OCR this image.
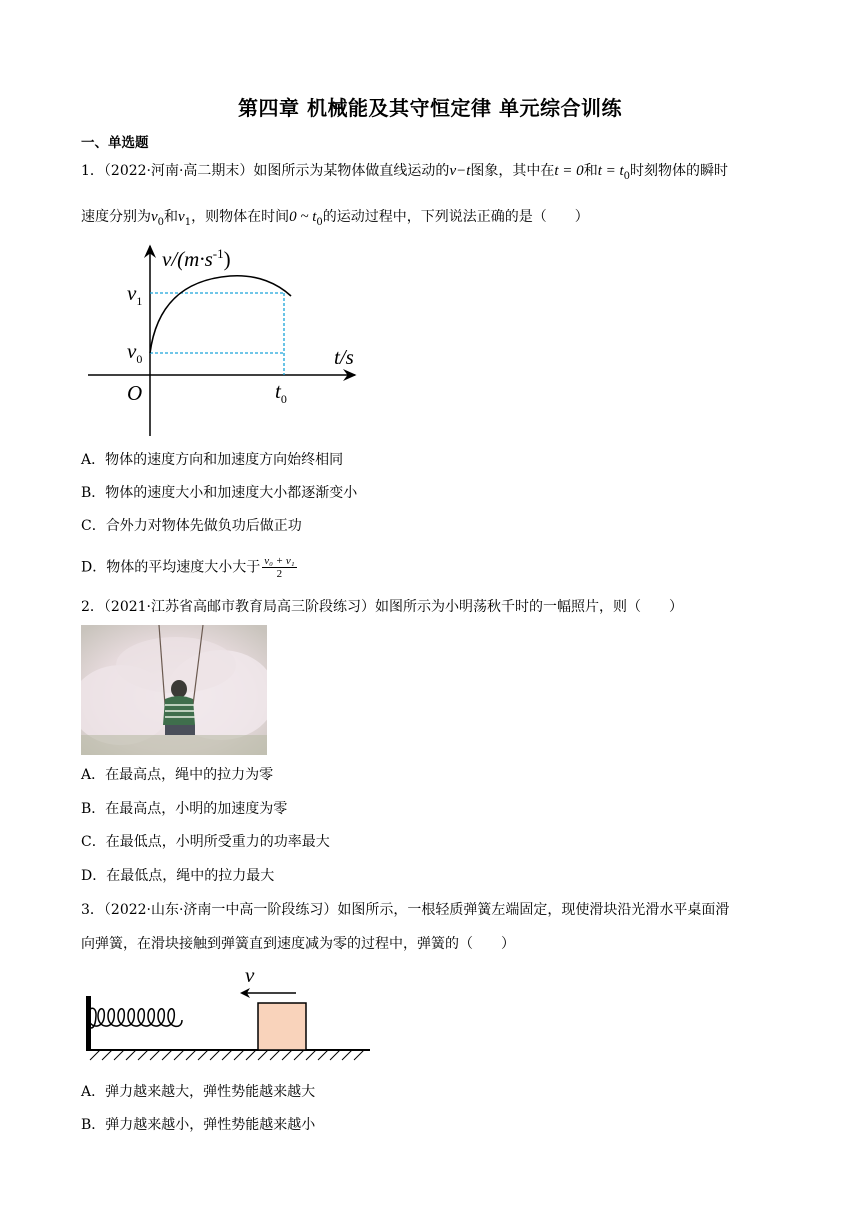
第四章 机械能及其守恒定律 单元综合训练
一、单选题
1．（2022·河南·高二期末）如图所示为某物体做直线运动的v−t图象，其中在t = 0和$t = t_0$时刻物体的瞬时
速度分别为$v_0$和$v_1$，则物体在时间0 ~ $t_0$的运动过程中，下列说法正确的是（　　）
$v/(m\cdot s^{-1})$
t/s
O
$v_1$
$v_0$
$t_0$
A．物体的速度方向和加速度方向始终相同
B．物体的速度大小和加速度大小都逐渐变小
C．合外力对物体先做负功后做正功
D．物体的平均速度大小大于 $\frac{\text{v₀ + v₁}}{2}$
2．（2021·江苏省高邮市教育局高三阶段练习）如图所示为小明荡秋千时的一幅照片，则（　　）
A．在最高点，绳中的拉力为零
B．在最高点，小明的加速度为零
C．在最低点，小明所受重力的功率最大
D．在最低点，绳中的拉力最大
3．（2022·山东·济南一中高一阶段练习）如图所示，一根轻质弹簧左端固定，现使滑块沿光滑水平桌面滑
向弹簧，在滑块接触到弹簧直到速度减为零的过程中，弹簧的（　　）
v
A．弹力越来越大，弹性势能越来越大
B．弹力越来越小，弹性势能越来越小
